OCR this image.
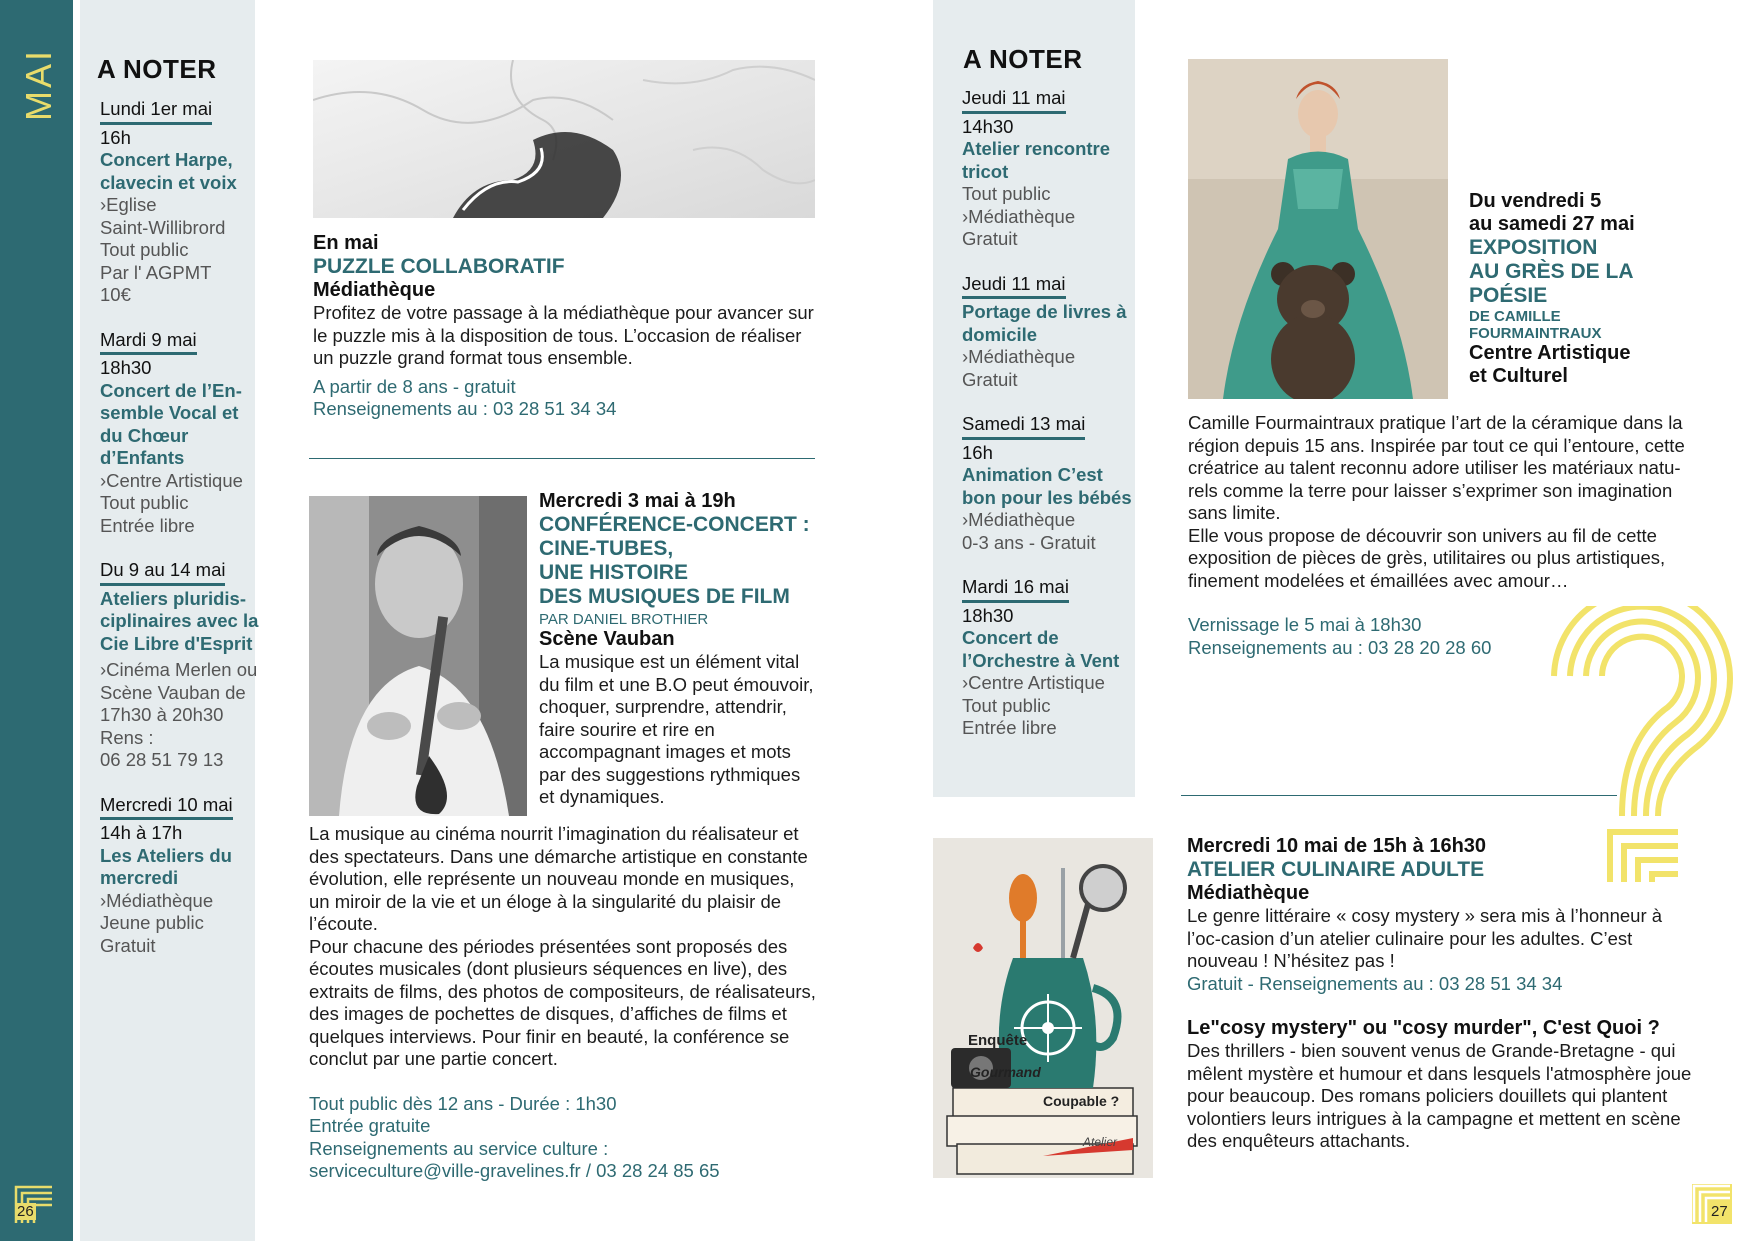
MAI
26
A NOTER
Lundi 1er mai
16h
Concert Harpe, clavecin et voix
›Eglise
Saint-Willibrord
Tout public
Par l' AGPMT
10€
Mardi 9 mai
18h30
Concert de l’En-semble Vocal et du Chœur d’Enfants
›Centre Artistique
Tout public
Entrée libre
Du 9 au 14 mai
Ateliers pluridis-ciplinaires avec la Cie Libre d'Esprit
›Cinéma Merlen ou
Scène Vauban de
17h30 à 20h30
Rens :
06 28 51 79 13
Mercredi 10 mai
14h à 17h
Les Ateliers du mercredi
›Médiathèque
Jeune public
Gratuit
En mai
PUZZLE COLLABORATIF
Médiathèque
Profitez de votre passage à la médiathèque pour avancer sur le puzzle mis à la disposition de tous. L’occasion de réaliser un puzzle grand format tous ensemble.
A partir de 8 ans - gratuit
Renseignements au : 03 28 51 34 34
Mercredi 3 mai à 19h
CONFÉRENCE-CONCERT :
CINE-TUBES,
UNE HISTOIRE
DES MUSIQUES DE FILM
PAR DANIEL BROTHIER
Scène Vauban
La musique est un élément vital du film et une B.O peut émouvoir, choquer, surprendre, attendrir, faire sourire et rire en accompagnant images et mots par des suggestions rythmiques et dynamiques.
La musique au cinéma nourrit l’imagination du réalisateur et des spectateurs. Dans une démarche artistique en constante évolution, elle représente un nouveau monde en musiques, un miroir de la vie et un éloge à la singularité du plaisir de l’écoute.
Pour chacune des périodes présentées sont proposés des écoutes musicales (dont plusieurs séquences en live), des extraits de films, des photos de compositeurs, de réalisateurs, des images de pochettes de disques, d’affiches de films et quelques interviews. Pour finir en beauté, la conférence se conclut par une partie concert.
Tout public dès 12 ans - Durée : 1h30
Entrée gratuite
Renseignements au service culture :
serviceculture@ville-gravelines.fr / 03 28 24 85 65
A NOTER
Jeudi 11 mai
14h30
Atelier rencontre tricot
Tout public
›Médiathèque
Gratuit
Jeudi 11 mai
Portage de livres à domicile
›Médiathèque
Gratuit
Samedi 13 mai
16h
Animation C’est bon pour les bébés
›Médiathèque
0-3 ans - Gratuit
Mardi 16 mai
18h30
Concert de l’Orchestre à Vent
›Centre Artistique
Tout public
Entrée libre
Du vendredi 5
au samedi 27 mai
EXPOSITION
AU GRÈS DE LA
POÉSIE
DE CAMILLE
FOURMAINTRAUX
Centre Artistique
et Culturel
Camille Fourmaintraux pratique l’art de la céramique dans la région depuis 15 ans. Inspirée par tout ce qui l’entoure, cette créatrice au talent reconnu adore utiliser les matériaux natu-rels comme la terre pour laisser s’exprimer son imagination sans limite.
Elle vous propose de découvrir son univers au fil de cette exposition de pièces de grès, utilitaires ou plus artistiques, finement modelées et émaillées avec amour…
Vernissage le 5 mai à 18h30
Renseignements au : 03 28 20 28 60
Enquête
Gourmand
Coupable ?
Atelier
Mercredi 10 mai de 15h à 16h30
ATELIER CULINAIRE ADULTE
Médiathèque
Le genre littéraire « cosy mystery » sera mis à l’honneur à l’oc-casion d’un atelier culinaire pour les adultes. C’est nouveau ! N’hésitez pas !
Gratuit - Renseignements au : 03 28 51 34 34
Le"cosy mystery" ou "cosy murder", C'est Quoi ?
Des thrillers - bien souvent venus de Grande-Bretagne - qui mêlent mystère et humour et dans lesquels l'atmosphère joue pour beaucoup. Des romans policiers douillets qui plantent volontiers leurs intrigues à la campagne et mettent en scène des enquêteurs attachants.
27
